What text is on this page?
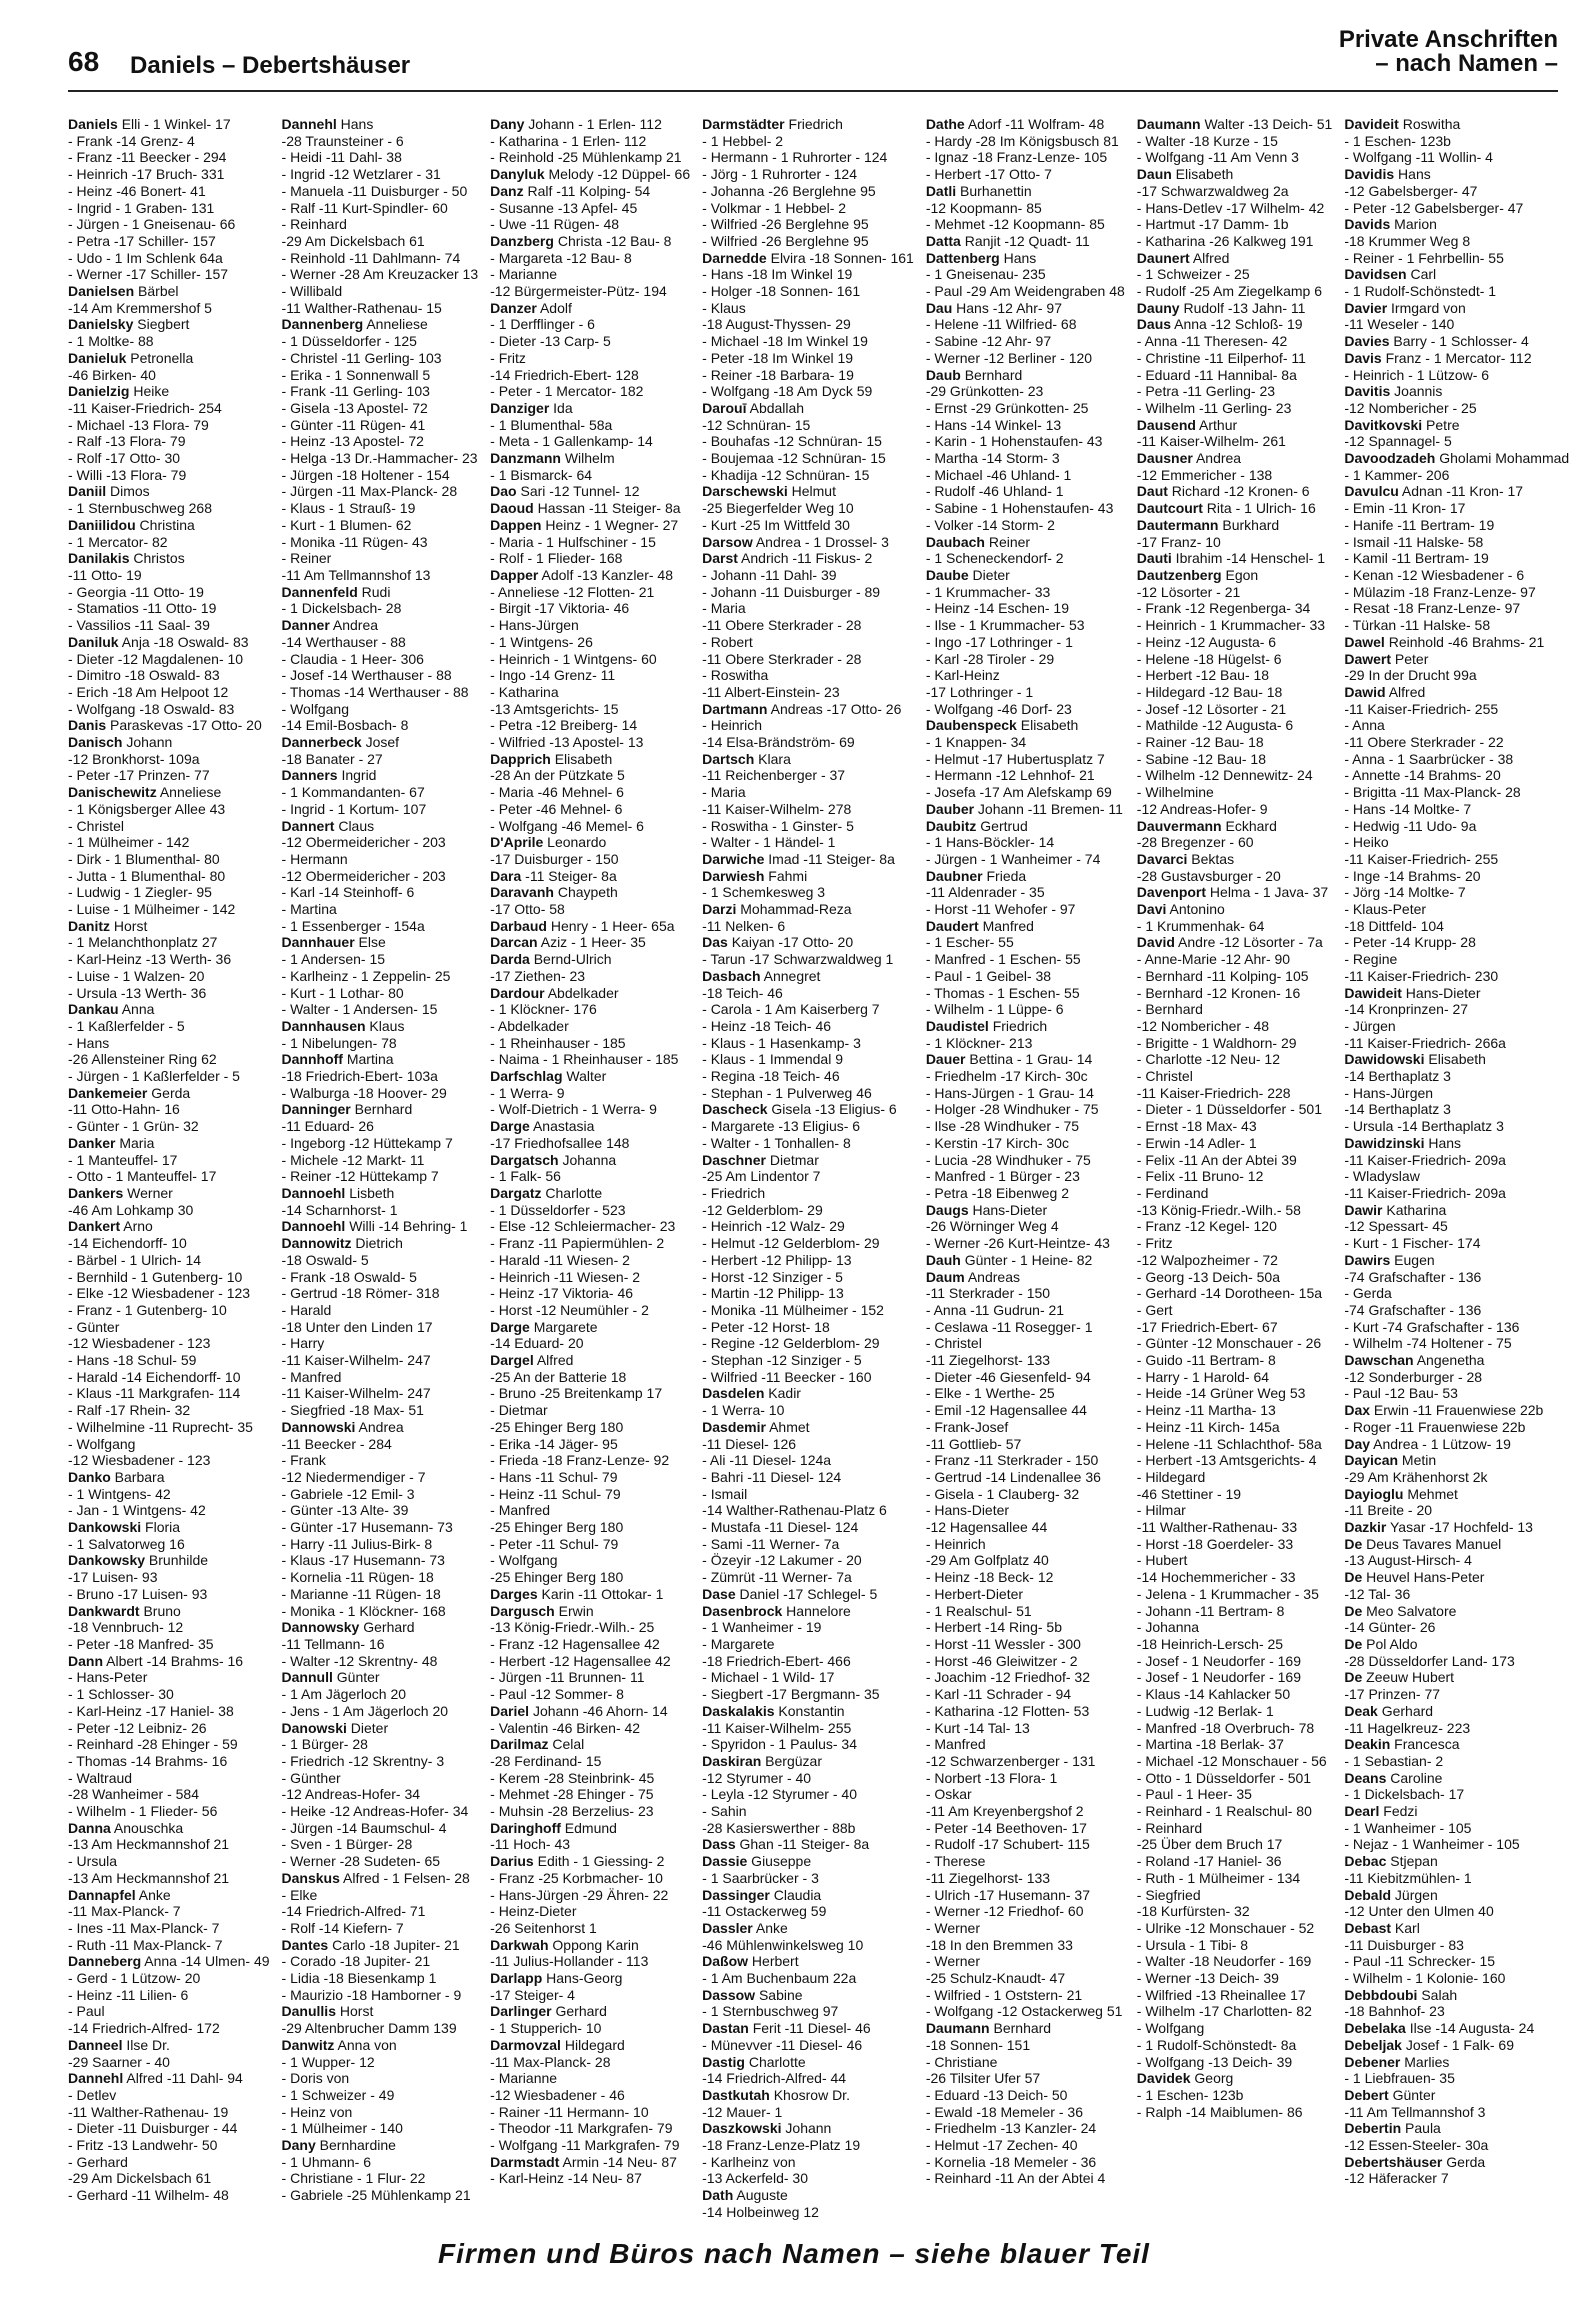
68 Daniels – Debertshäuser
Private Anschriften
– nach Namen –
Daniels Elli - 1 Winkel- 17
- Frank -14 Grenz- 4
- Franz -11 Beecker - 294
- Heinrich -17 Bruch- 331
- Heinz -46 Bonert- 41
- Ingrid - 1 Graben- 131
- Jürgen - 1 Gneisenau- 66
- Petra -17 Schiller- 157
- Udo - 1 Im Schlenk 64a
- Werner -17 Schiller- 157
Danielsen Bärbel
-14 Am Kremmershof 5
Danielsky Siegbert
- 1 Moltke- 88
Danieluk Petronella
-46 Birken- 40
Danielzig Heike
-11 Kaiser-Friedrich- 254
- Michael -13 Flora- 79
- Ralf -13 Flora- 79
- Rolf -17 Otto- 30
- Willi -13 Flora- 79
Daniil Dimos
- 1 Sternbuschweg 268
Daniilidou Christina
- 1 Mercator- 82
Danilakis Christos
-11 Otto- 19
- Georgia -11 Otto- 19
- Stamatios -11 Otto- 19
- Vassilios -11 Saal- 39
Daniluk Anja -18 Oswald- 83
- Dieter -12 Magdalenen- 10
- Dimitro -18 Oswald- 83
- Erich -18 Am Helpoot 12
- Wolfgang -18 Oswald- 83
Danis Paraskevas -17 Otto- 20
Danisch Johann
-12 Bronkhorst- 109a
- Peter -17 Prinzen- 77
Danischewitz Anneliese
- 1 Königsberger Allee 43
- Christel
- 1 Mülheimer - 142
- Dirk - 1 Blumenthal- 80
- Jutta - 1 Blumenthal- 80
- Ludwig - 1 Ziegler- 95
- Luise - 1 Mülheimer - 142
Danitz Horst
- 1 Melanchthonplatz 27
- Karl-Heinz -13 Werth- 36
- Luise - 1 Walzen- 20
- Ursula -13 Werth- 36
Dankau Anna
- 1 Kaßlerfelder - 5
- Hans
-26 Allensteiner Ring 62
- Jürgen - 1 Kaßlerfelder - 5
Dankemeier Gerda
-11 Otto-Hahn- 16
- Günter - 1 Grün- 32
Danker Maria
- 1 Manteuffel- 17
- Otto - 1 Manteuffel- 17
Dankers Werner
-46 Am Lohkamp 30
Dankert Arno
-14 Eichendorff- 10
- Bärbel - 1 Ulrich- 14
- Bernhild - 1 Gutenberg- 10
- Elke -12 Wiesbadener - 123
- Franz - 1 Gutenberg- 10
- Günter
-12 Wiesbadener - 123
- Hans -18 Schul- 59
- Harald -14 Eichendorff- 10
- Klaus -11 Markgrafen- 114
- Ralf -17 Rhein- 32
- Wilhelmine -11 Ruprecht- 35
- Wolfgang
-12 Wiesbadener - 123
Danko Barbara
- 1 Wintgens- 42
- Jan - 1 Wintgens- 42
Dankowski Floria
- 1 Salvatorweg 16
Dankowsky Brunhilde
-17 Luisen- 93
- Bruno -17 Luisen- 93
Dankwardt Bruno
-18 Vennbruch- 12
- Peter -18 Manfred- 35
Dann Albert -14 Brahms- 16
- Hans-Peter
- 1 Schlosser- 30
- Karl-Heinz -17 Haniel- 38
- Peter -12 Leibniz- 26
- Reinhard -28 Ehinger - 59
- Thomas -14 Brahms- 16
- Waltraud
-28 Wanheimer - 584
- Wilhelm - 1 Flieder- 56
Danna Anouschka
-13 Am Heckmannshof 21
- Ursula
-13 Am Heckmannshof 21
Dannapfel Anke
-11 Max-Planck- 7
- Ines -11 Max-Planck- 7
- Ruth -11 Max-Planck- 7
Danneberg Anna -14 Ulmen- 49
- Gerd - 1 Lützow- 20
- Heinz -11 Lilien- 6
- Paul
-14 Friedrich-Alfred- 172
Danneel Ilse Dr.
-29 Saarner - 40
Dannehl Alfred -11 Dahl- 94
- Detlev
-11 Walther-Rathenau- 19
- Dieter -11 Duisburger - 44
- Fritz -13 Landwehr- 50
- Gerhard
-29 Am Dickelsbach 61
- Gerhard -11 Wilhelm- 48
Dannehl Hans
-28 Traunsteiner - 6
- Heidi -11 Dahl- 38
- Ingrid -12 Wetzlarer - 31
- Manuela -11 Duisburger - 50
- Ralf -11 Kurt-Spindler- 60
- Reinhard
-29 Am Dickelsbach 61
- Reinhold -11 Dahlmann- 74
- Werner -28 Am Kreuzacker 13
- Willibald
-11 Walther-Rathenau- 15
Dannenberg Anneliese
- 1 Düsseldorfer - 125
- Christel -11 Gerling- 103
- Erika - 1 Sonnenwall 5
- Frank -11 Gerling- 103
- Gisela -13 Apostel- 72
- Günter -11 Rügen- 41
- Heinz -13 Apostel- 72
- Helga -13 Dr.-Hammacher- 23
- Jürgen -18 Holtener - 154
- Jürgen -11 Max-Planck- 28
- Klaus - 1 Strauß- 19
- Kurt - 1 Blumen- 62
- Monika -11 Rügen- 43
- Reiner
-11 Am Tellmannshof 13
Dannenfeld Rudi
- 1 Dickelsbach- 28
Danner Andrea
-14 Werthauser - 88
- Claudia - 1 Heer- 306
- Josef -14 Werthauser - 88
- Thomas -14 Werthauser - 88
- Wolfgang
-14 Emil-Bosbach- 8
Dannerbeck Josef
-18 Banater - 27
Danners Ingrid
- 1 Kommandanten- 67
- Ingrid - 1 Kortum- 107
Dannert Claus
-12 Obermeidericher - 203
- Hermann
-12 Obermeidericher - 203
- Karl -14 Steinhoff- 6
- Martina
- 1 Essenberger - 154a
Dannhauer Else
- 1 Andersen- 15
- Karlheinz - 1 Zeppelin- 25
- Kurt - 1 Lothar- 80
- Walter - 1 Andersen- 15
Dannhausen Klaus
- 1 Nibelungen- 78
Dannhoff Martina
-18 Friedrich-Ebert- 103a
- Walburga -18 Hoover- 29
Danninger Bernhard
-11 Eduard- 26
- Ingeborg -12 Hüttekamp 7
- Michele -12 Markt- 11
- Reiner -12 Hüttekamp 7
Dannoehl Lisbeth
-14 Scharnhorst- 1
Dannoehl Willi -14 Behring- 1
Dannowitz Dietrich
-18 Oswald- 5
- Frank -18 Oswald- 5
- Gertrud -18 Römer- 318
- Harald
-18 Unter den Linden 17
- Harry
-11 Kaiser-Wilhelm- 247
- Manfred
-11 Kaiser-Wilhelm- 247
- Siegfried -18 Max- 51
Dannowski Andrea
-11 Beecker - 284
- Frank
-12 Niedermendiger - 7
- Gabriele -12 Emil- 3
- Günter -13 Alte- 39
- Günter -17 Husemann- 73
- Harry -11 Julius-Birk- 8
- Klaus -17 Husemann- 73
- Kornelia -11 Rügen- 18
- Marianne -11 Rügen- 18
- Monika - 1 Klöckner- 168
Dannowsky Gerhard
-11 Tellmann- 16
- Walter -12 Skrentny- 48
Dannull Günter
- 1 Am Jägerloch 20
- Jens - 1 Am Jägerloch 20
Danowski Dieter
- 1 Bürger- 28
- Friedrich -12 Skrentny- 3
- Günther
-12 Andreas-Hofer- 34
- Heike -12 Andreas-Hofer- 34
- Jürgen -14 Baumschul- 4
- Sven - 1 Bürger- 28
- Werner -28 Sudeten- 65
Danskus Alfred - 1 Felsen- 28
- Elke
-14 Friedrich-Alfred- 71
- Rolf -14 Kiefern- 7
Dantes Carlo -18 Jupiter- 21
- Corado -18 Jupiter- 21
- Lidia -18 Biesenkamp 1
- Maurizio -18 Hamborner - 9
Danullis Horst
-29 Altenbrucher Damm 139
Danwitz Anna von
- 1 Wupper- 12
- Doris von
- 1 Schweizer - 49
- Heinz von
- 1 Mülheimer - 140
Dany Bernhardine
- 1 Uhmann- 6
- Christiane - 1 Flur- 22
- Gabriele -25 Mühlenkamp 21
Dany Johann - 1 Erlen- 112
- Katharina - 1 Erlen- 112
- Reinhold -25 Mühlenkamp 21
Danyluk Melody -12 Düppel- 66
Danz Ralf -11 Kolping- 54
- Susanne -13 Apfel- 45
- Uwe -11 Rügen- 48
Danzberg Christa -12 Bau- 8
- Margareta -12 Bau- 8
- Marianne
-12 Bürgermeister-Pütz- 194
Danzer Adolf
- 1 Derfflinger - 6
- Dieter -13 Carp- 5
- Fritz
-14 Friedrich-Ebert- 128
- Peter - 1 Mercator- 182
Danziger Ida
- 1 Blumenthal- 58a
- Meta - 1 Gallenkamp- 14
Danzmann Wilhelm
- 1 Bismarck- 64
Dao Sari -12 Tunnel- 12
Daoud Hassan -11 Steiger- 8a
Dappen Heinz - 1 Wegner- 27
- Maria - 1 Hulfschiner - 15
- Rolf - 1 Flieder- 168
Dapper Adolf -13 Kanzler- 48
- Anneliese -12 Flotten- 21
- Birgit -17 Viktoria- 46
- Hans-Jürgen
- 1 Wintgens- 26
- Heinrich - 1 Wintgens- 60
- Ingo -14 Grenz- 11
- Katharina
-13 Amtsgerichts- 15
- Petra -12 Breiberg- 14
- Wilfried -13 Apostel- 13
Dapprich Elisabeth
-28 An der Pützkate 5
- Maria -46 Mehnel- 6
- Peter -46 Mehnel- 6
- Wolfgang -46 Memel- 6
D'Aprile Leonardo
-17 Duisburger - 150
Dara -11 Steiger- 8a
Daravanh Chaypeth
-17 Otto- 58
Darbaud Henry - 1 Heer- 65a
Darcan Aziz - 1 Heer- 35
Darda Bernd-Ulrich
-17 Ziethen- 23
Dardour Abdelkader
- 1 Klöckner- 176
- Abdelkader
- 1 Rheinhauser - 185
- Naima - 1 Rheinhauser - 185
Darfschlag Walter
- 1 Werra- 9
- Wolf-Dietrich - 1 Werra- 9
Darge Anastasia
-17 Friedhofsallee 148
Dargatsch Johanna
- 1 Falk- 56
Dargatz Charlotte
- 1 Düsseldorfer - 523
- Else -12 Schleiermacher- 23
- Franz -11 Papiermühlen- 2
- Harald -11 Wiesen- 2
- Heinrich -11 Wiesen- 2
- Heinz -17 Viktoria- 46
- Horst -12 Neumühler - 2
Darge Margarete
-14 Eduard- 20
Dargel Alfred
-25 An der Batterie 18
- Bruno -25 Breitenkamp 17
- Dietmar
-25 Ehinger Berg 180
- Erika -14 Jäger- 95
- Frieda -18 Franz-Lenze- 92
- Hans -11 Schul- 79
- Heinz -11 Schul- 79
- Manfred
-25 Ehinger Berg 180
- Peter -11 Schul- 79
- Wolfgang
-25 Ehinger Berg 180
Darges Karin -11 Ottokar- 1
Dargusch Erwin
-13 König-Friedr.-Wilh.- 25
- Franz -12 Hagensallee 42
- Herbert -12 Hagensallee 42
- Jürgen -11 Brunnen- 11
- Paul -12 Sommer- 8
Dariel Johann -46 Ahorn- 14
- Valentin -46 Birken- 42
Darilmaz Celal
-28 Ferdinand- 15
- Kerem -28 Steinbrink- 45
- Mehmet -28 Ehinger - 75
- Muhsin -28 Berzelius- 23
Daringhoff Edmund
-11 Hoch- 43
Darius Edith - 1 Giessing- 2
- Franz -25 Korbmacher- 10
- Hans-Jürgen -29 Ähren- 22
- Heinz-Dieter
-26 Seitenhorst 1
Darkwah Oppong Karin
-11 Julius-Hollander - 113
Darlapp Hans-Georg
-17 Steiger- 4
Darlinger Gerhard
- 1 Stupperich- 10
Darmovzal Hildegard
-11 Max-Planck- 28
- Marianne
-12 Wiesbadener - 46
- Rainer -11 Hermann- 10
- Theodor -11 Markgrafen- 79
- Wolfgang -11 Markgrafen- 79
Darmstadt Armin -14 Neu- 87
- Karl-Heinz -14 Neu- 87
Darmstädter Friedrich
- 1 Hebbel- 2
- Hermann - 1 Ruhrorter - 124
- Jörg - 1 Ruhrorter - 124
- Johanna -26 Berglehne 95
- Volkmar - 1 Hebbel- 2
- Wilfried -26 Berglehne 95
- Wilfried -26 Berglehne 95
Darnedde Elvira -18 Sonnen- 161
- Hans -18 Im Winkel 19
- Holger -18 Sonnen- 161
- Klaus
-18 August-Thyssen- 29
- Michael -18 Im Winkel 19
- Peter -18 Im Winkel 19
- Reiner -18 Barbara- 19
- Wolfgang -18 Am Dyck 59
Darouī Abdallah
-12 Schnüran- 15
- Bouhafas -12 Schnüran- 15
- Boujemaa -12 Schnüran- 15
- Khadija -12 Schnüran- 15
Darschewski Helmut
-25 Biegerfelder Weg 10
- Kurt -25 Im Wittfeld 30
Darsow Andrea - 1 Drossel- 3
Darst Andrich -11 Fiskus- 2
- Johann -11 Dahl- 39
- Johann -11 Duisburger - 89
- Maria
-11 Obere Sterkrader - 28
- Robert
-11 Obere Sterkrader - 28
- Roswitha
-11 Albert-Einstein- 23
Dartmann Andreas -17 Otto- 26
- Heinrich
-14 Elsa-Brändström- 69
Dartsch Klara
-11 Reichenberger - 37
- Maria
-11 Kaiser-Wilhelm- 278
- Roswitha - 1 Ginster- 5
- Walter - 1 Händel- 1
Darwiche Imad -11 Steiger- 8a
Darwiesh Fahmi
- 1 Schemkesweg 3
Darzi Mohammad-Reza
-11 Nelken- 6
Das Kaiyan -17 Otto- 20
- Tarun -17 Schwarzwaldweg 1
Dasbach Annegret
-18 Teich- 46
- Carola - 1 Am Kaiserberg 7
- Heinz -18 Teich- 46
- Klaus - 1 Hasenkamp- 3
- Klaus - 1 Immendal 9
- Regina -18 Teich- 46
- Stephan - 1 Pulverweg 46
Dascheck Gisela -13 Eligius- 6
- Margarete -13 Eligius- 6
- Walter - 1 Tonhallen- 8
Daschner Dietmar
-25 Am Lindentor 7
- Friedrich
-12 Gelderblom- 29
- Heinrich -12 Walz- 29
- Helmut -12 Gelderblom- 29
- Herbert -12 Philipp- 13
- Horst -12 Sinziger - 5
- Martin -12 Philipp- 13
- Monika -11 Mülheimer - 152
- Peter -12 Horst- 18
- Regine -12 Gelderblom- 29
- Stephan -12 Sinziger - 5
- Wilfried -11 Beecker - 160
Dasdelen Kadir
- 1 Werra- 10
Dasdemir Ahmet
-11 Diesel- 126
- Ali -11 Diesel- 124a
- Bahri -11 Diesel- 124
- Ismail
-14 Walther-Rathenau-Platz 6
- Mustafa -11 Diesel- 124
- Sami -11 Werner- 7a
- Özeyir -12 Lakumer - 20
- Zümrüt -11 Werner- 7a
Dase Daniel -17 Schlegel- 5
Dasenbrock Hannelore
- 1 Wanheimer - 19
- Margarete
-18 Friedrich-Ebert- 466
- Michael - 1 Wild- 17
- Siegbert -17 Bergmann- 35
Daskalakis Konstantin
-11 Kaiser-Wilhelm- 255
- Spyridon - 1 Paulus- 34
Daskiran Bergüzar
-12 Styrumer - 40
- Leyla -12 Styrumer - 40
- Sahin
-28 Kasierswerther - 88b
Dass Ghan -11 Steiger- 8a
Dassie Giuseppe
- 1 Saarbrücker - 3
Dassinger Claudia
-11 Ostackerweg 59
Dassler Anke
-46 Mühlenwinkelsweg 10
Daßow Herbert
- 1 Am Buchenbaum 22a
Dassow Sabine
- 1 Sternbuschweg 97
Dastan Ferit -11 Diesel- 46
- Münevver -11 Diesel- 46
Dastig Charlotte
-14 Friedrich-Alfred- 44
Dastkutah Khosrow Dr.
-12 Mauer- 1
Daszkowski Johann
-18 Franz-Lenze-Platz 19
- Karlheinz von
-13 Ackerfeld- 30
Dath Auguste
-14 Holbeinweg 12
Dathe Adorf -11 Wolfram- 48
- Hardy -28 Im Königsbusch 81
- Ignaz -18 Franz-Lenze- 105
- Herbert -17 Otto- 7
Datli Burhanettin
-12 Koopmann- 85
- Mehmet -12 Koopmann- 85
Datta Ranjit -12 Quadt- 11
Dattenberg Hans
- 1 Gneisenau- 235
- Paul -29 Am Weidengraben 48
Dau Hans -12 Ahr- 97
- Helene -11 Wilfried- 68
- Sabine -12 Ahr- 97
- Werner -12 Berliner - 120
Daub Bernhard
-29 Grünkotten- 23
- Ernst -29 Grünkotten- 25
- Hans -14 Winkel- 13
- Karin - 1 Hohenstaufen- 43
- Martha -14 Storm- 3
- Michael -46 Uhland- 1
- Rudolf -46 Uhland- 1
- Sabine - 1 Hohenstaufen- 43
- Volker -14 Storm- 2
Daubach Reiner
- 1 Scheneckendorf- 2
Daube Dieter
- 1 Krummacher- 33
- Heinz -14 Eschen- 19
- Ilse - 1 Krummacher- 53
- Ingo -17 Lothringer - 1
- Karl -28 Tiroler - 29
- Karl-Heinz
-17 Lothringer - 1
- Wolfgang -46 Dorf- 23
Daubenspeck Elisabeth
- 1 Knappen- 34
- Helmut -17 Hubertusplatz 7
- Hermann -12 Lehnhof- 21
- Josefa -17 Am Alefskamp 69
Dauber Johann -11 Bremen- 11
Daubitz Gertrud
- 1 Hans-Böckler- 14
- Jürgen - 1 Wanheimer - 74
Daubner Frieda
-11 Aldenrader - 35
- Horst -11 Wehofer - 97
Daudert Manfred
- 1 Escher- 55
- Manfred - 1 Eschen- 55
- Paul - 1 Geibel- 38
- Thomas - 1 Eschen- 55
- Wilhelm - 1 Lüppe- 6
Daudistel Friedrich
- 1 Klöckner- 213
Dauer Bettina - 1 Grau- 14
- Friedhelm -17 Kirch- 30c
- Hans-Jürgen - 1 Grau- 14
- Holger -28 Windhuker - 75
- Ilse -28 Windhuker - 75
- Kerstin -17 Kirch- 30c
- Lucia -28 Windhuker - 75
- Manfred - 1 Bürger - 23
- Petra -18 Eibenweg 2
Daugs Hans-Dieter
-26 Wörninger Weg 4
- Werner -26 Kurt-Heintze- 43
Dauh Günter - 1 Heine- 82
Daum Andreas
-11 Sterkrader - 150
- Anna -11 Gudrun- 21
- Ceslawa -11 Roseggeг- 1
- Christel
-11 Ziegelhorst- 133
- Dieter -46 Giesenfeld- 94
- Elke - 1 Werthe- 25
- Emil -12 Hagensallee 44
- Frank-Josef
-11 Gottlieb- 57
- Franz -11 Sterkrader - 150
- Gertrud -14 Lindenallee 36
- Gisela - 1 Clauberg- 32
- Hans-Dieter
-12 Hagensallee 44
- Heinrich
-29 Am Golfplatz 40
- Heinz -18 Beck- 12
- Herbert-Dieter
- 1 Realschul- 51
- Herbert -14 Ring- 5b
- Horst -11 Wessler - 300
- Horst -46 Gleiwitzer - 2
- Joachim -12 Friedhof- 32
- Karl -11 Schrader - 94
- Katharina -12 Flotten- 53
- Kurt -14 Tal- 13
- Manfred
-12 Schwarzenberger - 131
- Norbert -13 Flora- 1
- Oskar
-11 Am Kreyenbergshof 2
- Peter -14 Beethoven- 17
- Rudolf -17 Schubert- 115
- Therese
-11 Ziegelhorst- 133
- Ulrich -17 Husemann- 37
- Werner -12 Friedhof- 60
- Werner
-18 In den Bremmen 33
- Werner
-25 Schulz-Knaudt- 47
- Wilfried - 1 Oststern- 21
- Wolfgang -12 Ostackerweg 51
Daumann Bernhard
-18 Sonnen- 151
- Christiane
-26 Tilsiter Ufer 57
- Eduard -13 Deich- 50
- Ewald -18 Memeler - 36
- Friedhelm -13 Kanzler- 24
- Helmut -17 Zechen- 40
- Kornelia -18 Memeler - 36
- Reinhard -11 An der Abtei 4
Daumann Walter -13 Deich- 51
- Walter -18 Kurze - 15
- Wolfgang -11 Am Venn 3
Daun Elisabeth
-17 Schwarzwaldweg 2a
- Hans-Detlev -17 Wilhelm- 42
- Hartmut -17 Damm- 1b
- Katharina -26 Kalkweg 191
Daunert Alfred
- 1 Schweizer - 25
- Rudolf -25 Am Ziegelkamp 6
Dauny Rudolf -13 Jahn- 11
Daus Anna -12 Schloß- 19
- Anna -11 Theresen- 42
- Christine -11 Eilperhof- 11
- Eduard -11 Hannibal- 8a
- Petra -11 Gerling- 23
- Wilhelm -11 Gerling- 23
Dausend Arthur
-11 Kaiser-Wilhelm- 261
Dausner Andrea
-12 Emmericher - 138
Daut Richard -12 Kronen- 6
Dautcourt Rita - 1 Ulrich- 16
Dautermann Burkhard
-17 Franz- 10
Dauti Ibrahim -14 Henschel- 1
Dautzenberg Egon
-12 Lösorter - 21
- Frank -12 Regenberga- 34
- Heinrich - 1 Krummacher- 33
- Heinz -12 Augusta- 6
- Helene -18 Hügelst- 6
- Herbert -12 Bau- 18
- Hildegard -12 Bau- 18
- Josef -12 Lösorter - 21
- Mathilde -12 Augusta- 6
- Rainer -12 Bau- 18
- Sabine -12 Bau- 18
- Wilhelm -12 Dennewitz- 24
- Wilhelmine
-12 Andreas-Hofer- 9
Dauvermann Eckhard
-28 Bregenzer - 60
Davarci Bektas
-28 Gustavsburger - 20
Davenport Helma - 1 Java- 37
Davi Antonino
- 1 Krummenhak- 64
David Andre -12 Lösorter - 7a
- Anne-Marie -12 Ahr- 90
- Bernhard -11 Kolping- 105
- Bernhard -12 Kronen- 16
- Bernhard
-12 Nombericher - 48
- Brigitte - 1 Waldhorn- 29
- Charlotte -12 Neu- 12
- Christel
-11 Kaiser-Friedrich- 228
- Dieter - 1 Düsseldorfer - 501
- Ernst -18 Max- 43
- Erwin -14 Adler- 1
- Felix -11 An der Abtei 39
- Felix -11 Bruno- 12
- Ferdinand
-13 König-Friedr.-Wilh.- 58
- Franz -12 Kegel- 120
- Fritz
-12 Walpozheimer - 72
- Georg -13 Deich- 50a
- Gerhard -14 Dorotheen- 15a
- Gert
-17 Friedrich-Ebert- 67
- Günter -12 Monschauer - 26
- Guido -11 Bertram- 8
- Harry - 1 Harold- 64
- Heide -14 Grüner Weg 53
- Heinz -11 Martha- 13
- Heinz -11 Kirch- 145a
- Helene -11 Schlachthof- 58a
- Herbert -13 Amtsgerichts- 4
- Hildegard
-46 Stettiner - 19
- Hilmar
-11 Walther-Rathenau- 33
- Horst -18 Goerdeler- 33
- Hubert
-14 Hochemmericher - 33
- Jelena - 1 Krummacher - 35
- Johann -11 Bertram- 8
- Johanna
-18 Heinrich-Lersch- 25
- Josef - 1 Neudorfer - 169
- Josef - 1 Neudorfer - 169
- Klaus -14 Kahlacker 50
- Ludwig -12 Berlak- 1
- Manfred -18 Overbruch- 78
- Martina -18 Berlak- 37
- Michael -12 Monschauer - 56
- Otto - 1 Düsseldorfer - 501
- Paul - 1 Heer- 35
- Reinhard - 1 Realschul- 80
- Reinhard
-25 Über dem Bruch 17
- Roland -17 Haniel- 36
- Ruth - 1 Mülheimer - 134
- Siegfried
-18 Kurfürsten- 32
- Ulrike -12 Monschauer - 52
- Ursula - 1 Tibi- 8
- Walter -18 Neudorfer - 169
- Werner -13 Deich- 39
- Wilfried -13 Rheinallee 17
- Wilhelm -17 Charlotten- 82
- Wolfgang
- 1 Rudolf-Schönstedt- 8a
- Wolfgang -13 Deich- 39
Davidek Georg
- 1 Eschen- 123b
- Ralph -14 Maiblumen- 86
Davideit Roswitha
- 1 Eschen- 123b
- Wolfgang -11 Wollin- 4
Davidis Hans
-12 Gabelsberger- 47
- Peter -12 Gabelsberger- 47
Davids Marion
-18 Krummer Weg 8
- Reiner - 1 Fehrbellin- 55
Davidsen Carl
- 1 Rudolf-Schönstedt- 1
Davier Irmgard von
-11 Weseler - 140
Davies Barry - 1 Schlosser- 4
Davis Franz - 1 Mercator- 112
- Heinrich - 1 Lützow- 6
Davitis Joannis
-12 Nombericher - 25
Davitkovski Petre
-12 Spannagel- 5
Davoodzadeh Gholami Mohammad
- 1 Kammer- 206
Davulcu Adnan -11 Kron- 17
- Emin -11 Kron- 17
- Hanife -11 Bertram- 19
- Ismail -11 Halske- 58
- Kamil -11 Bertram- 19
- Kenan -12 Wiesbadener - 6
- Mülazim -18 Franz-Lenze- 97
- Resat -18 Franz-Lenze- 97
- Türkan -11 Halske- 58
Dawel Reinhold -46 Brahms- 21
Dawert Peter
-29 In der Drucht 99a
Dawid Alfred
-11 Kaiser-Friedrich- 255
- Anna
-11 Obere Sterkrader - 22
- Anna - 1 Saarbrücker - 38
- Annette -14 Brahms- 20
- Brigitta -11 Max-Planck- 28
- Hans -14 Moltke- 7
- Hedwig -11 Udo- 9a
- Heiko
-11 Kaiser-Friedrich- 255
- Inge -14 Brahms- 20
- Jörg -14 Moltke- 7
- Klaus-Peter
-18 Dittfeld- 104
- Peter -14 Krupp- 28
- Regine
-11 Kaiser-Friedrich- 230
Dawideit Hans-Dieter
-14 Kronprinzen- 27
- Jürgen
-11 Kaiser-Friedrich- 266a
Dawidowski Elisabeth
-14 Berthaplatz 3
- Hans-Jürgen
-14 Berthaplatz 3
- Ursula -14 Berthaplatz 3
Dawidzinski Hans
-11 Kaiser-Friedrich- 209a
- Wladyslaw
-11 Kaiser-Friedrich- 209a
Dawir Katharina
-12 Spessart- 45
- Kurt - 1 Fischer- 174
Dawirs Eugen
-74 Grafschafter - 136
- Gerda
-74 Grafschafter - 136
- Kurt -74 Grafschafter - 136
- Wilhelm -74 Holtener - 75
Dawschan Angenetha
-12 Sonderburger - 28
- Paul -12 Bau- 53
Dax Erwin -11 Frauenwiese 22b
- Roger -11 Frauenwiese 22b
Day Andrea - 1 Lützow- 19
Dayican Metin
-29 Am Krähenhorst 2k
Dayioglu Mehmet
-11 Breite - 20
Dazkir Yasar -17 Hochfeld- 13
De Deus Tavares Manuel
-13 August-Hirsch- 4
De Heuvel Hans-Peter
-12 Tal- 36
De Meo Salvatore
-14 Günter- 26
De Pol Aldo
-28 Düsseldorfer Land- 173
De Zeeuw Hubert
-17 Prinzen- 77
Deak Gerhard
-11 Hagelkreuz- 223
Deakin Francesca
- 1 Sebastian- 2
Deans Caroline
- 1 Dickelsbach- 17
Dearl Fedzi
- 1 Wanheimer - 105
- Nejaz - 1 Wanheimer - 105
Debac Stjepan
-11 Kiebitzmühlen- 1
Debald Jürgen
-12 Unter den Ulmen 40
Debast Karl
-11 Duisburger - 83
- Paul -11 Schrecker- 15
- Wilhelm - 1 Kolonie- 160
Debbdoubi Salah
-18 Bahnhof- 23
Debelaka Ilse -14 Augusta- 24
Debeljak Josef - 1 Falk- 69
Debener Marlies
- 1 Liebfrauen- 35
Debert Günter
-11 Am Tellmannshof 3
Debertin Paula
-12 Essen-Steeler- 30a
Debertshäuser Gerda
-12 Häferacker 7
Firmen und Büros nach Namen – siehe blauer Teil
